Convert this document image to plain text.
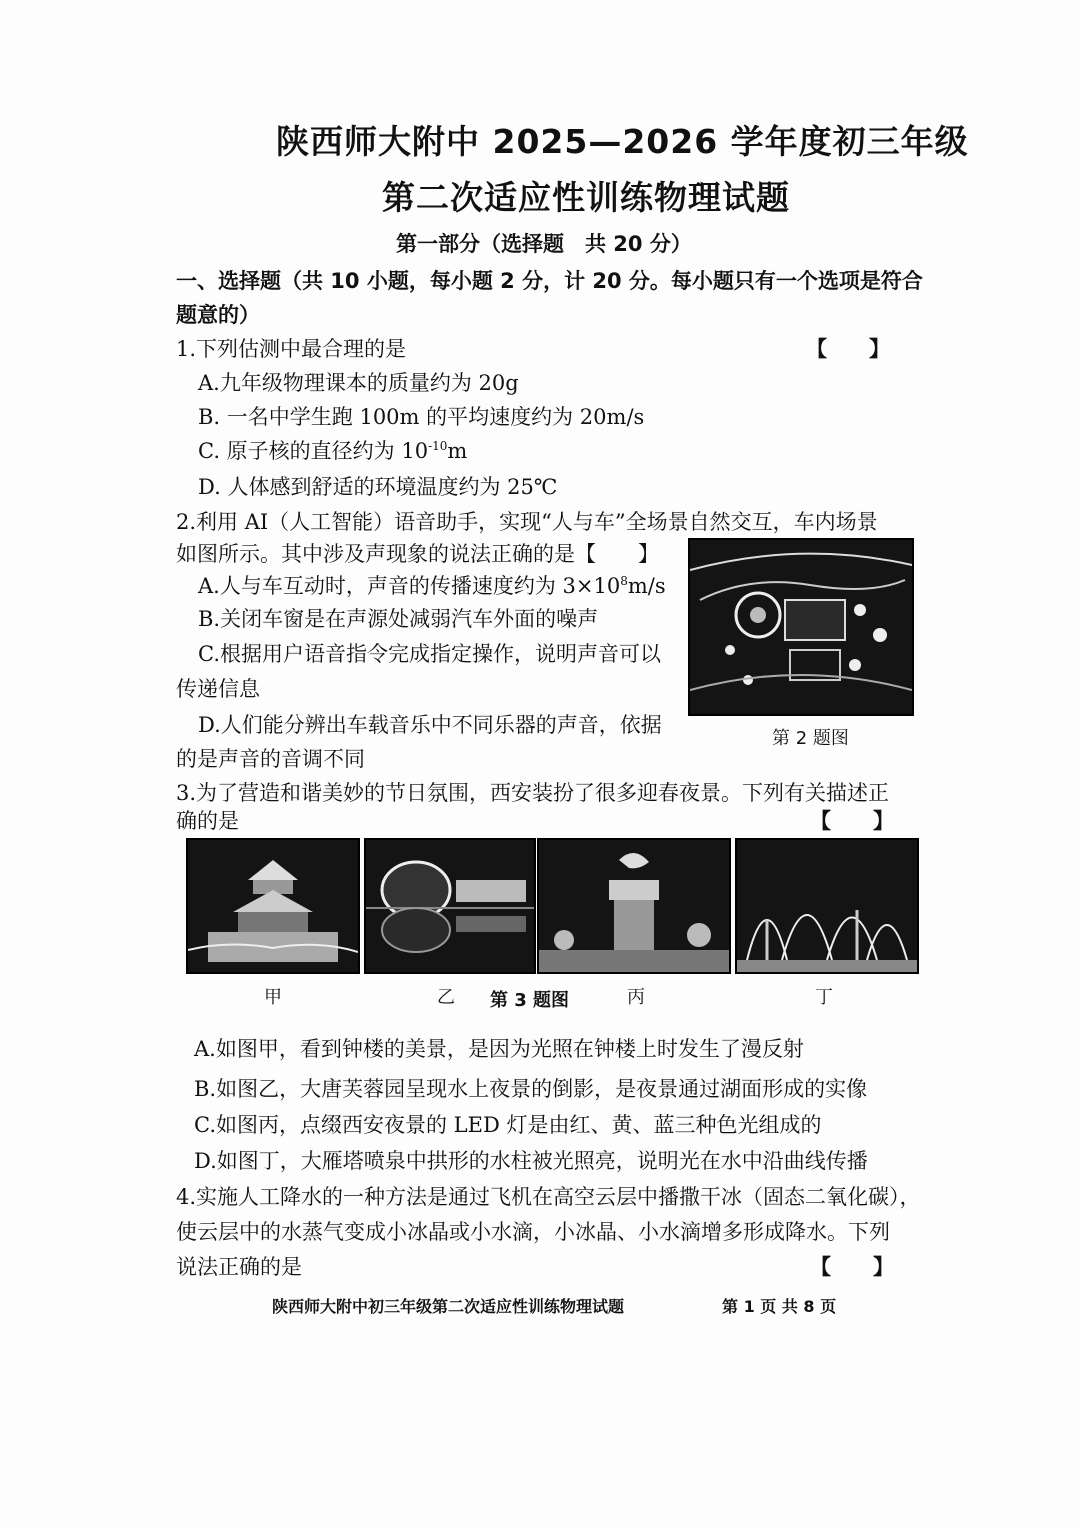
陕西师大附中 2025—2026 学年度初三年级
第二次适应性训练物理试题
第一部分（选择题　共 20 分）
一、选择题（共 10 小题，每小题 2 分，计 20 分。每小题只有一个选项是符合
题意的）
1.下列估测中最合理的是	【　　】
A.九年级物理课本的质量约为 20g
B. 一名中学生跑 100m 的平均速度约为 20m/s
C. 原子核的直径约为 $10^{-10}m$
D. 人体感到舒适的环境温度约为 25℃
2.利用 AI（人工智能）语音助手，实现“人与车”全场景自然交互，车内场景
如图所示。其中涉及声现象的说法正确的是【　　】
A.人与车互动时，声音的传播速度约为 $3\times 10^8m/s$
B.关闭车窗是在声源处减弱汽车外面的噪声
C.根据用户语音指令完成指定操作，说明声音可以
传递信息
D.人们能分辨出车载音乐中不同乐器的声音，依据
的是声音的音调不同
第 2 题图
3.为了营造和谐美妙的节日氛围，西安装扮了很多迎春夜景。下列有关描述正
确的是	【　　】
甲	乙 第 3 题图	丙	丁
A.如图甲，看到钟楼的美景，是因为光照在钟楼上时发生了漫反射
B.如图乙，大唐芙蓉园呈现水上夜景的倒影，是夜景通过湖面形成的实像
C.如图丙，点缀西安夜景的 LED 灯是由红、黄、蓝三种色光组成的
D.如图丁，大雁塔喷泉中拱形的水柱被光照亮，说明光在水中沿曲线传播
4.实施人工降水的一种方法是通过飞机在高空云层中播撒干冰（固态二氧化碳），
使云层中的水蒸气变成小冰晶或小水滴，小冰晶、小水滴增多形成降水。下列
说法正确的是	【　　】
陕西师大附中初三年级第二次适应性训练物理试题	第 1 页 共 8 页
